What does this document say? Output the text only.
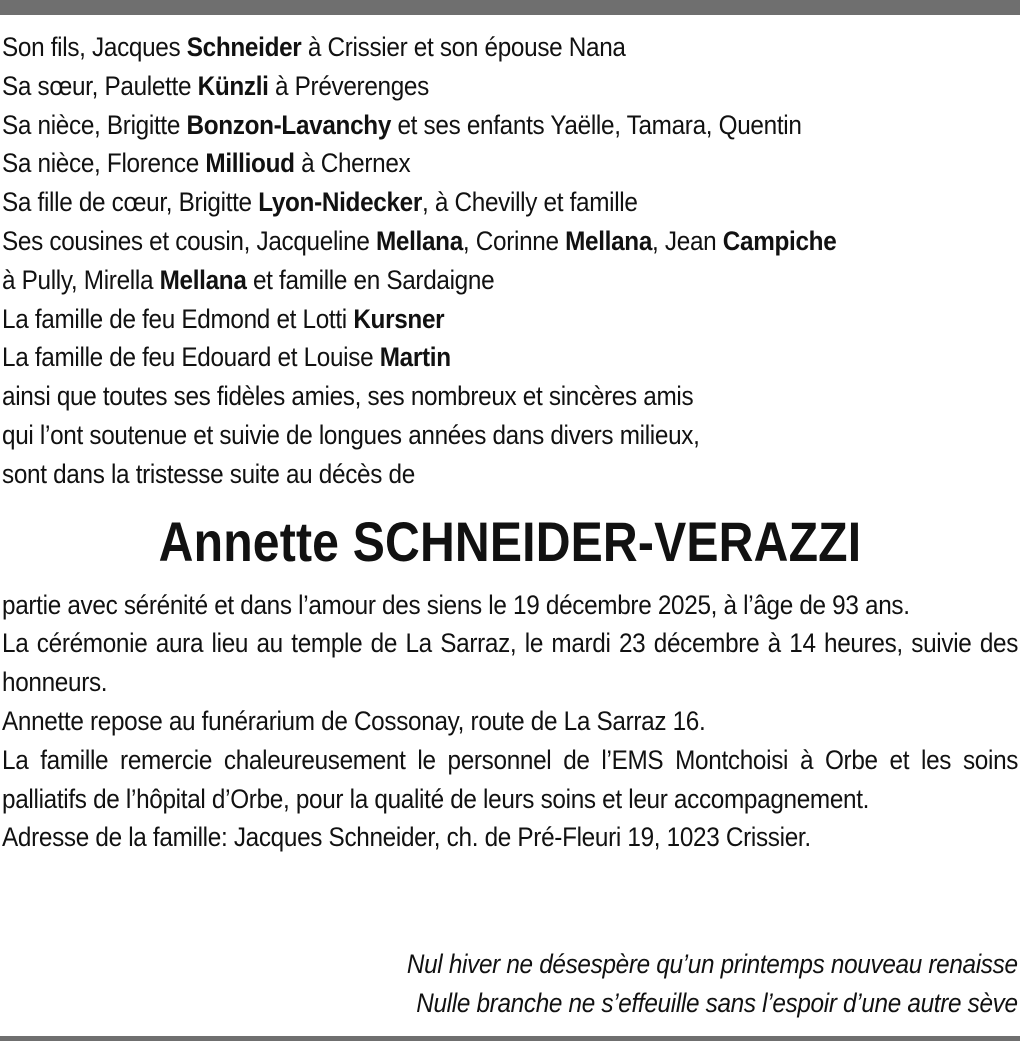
Son fils, Jacques Schneider à Crissier et son épouse Nana
Sa sœur, Paulette Künzli à Préverenges
Sa nièce, Brigitte Bonzon-Lavanchy et ses enfants Yaëlle, Tamara, Quentin
Sa nièce, Florence Millioud à Chernex
Sa fille de cœur, Brigitte Lyon-Nidecker, à Chevilly et famille
Ses cousines et cousin, Jacqueline Mellana, Corinne Mellana, Jean Campiche
à Pully, Mirella Mellana et famille en Sardaigne
La famille de feu Edmond et Lotti Kursner
La famille de feu Edouard et Louise Martin
ainsi que toutes ses fidèles amies, ses nombreux et sincères amis
qui l’ont soutenue et suivie de longues années dans divers milieux,
sont dans la tristesse suite au décès de
Annette SCHNEIDER-VERAZZI
partie avec sérénité et dans l’amour des siens le 19 décembre 2025, à l’âge de 93 ans.
La cérémonie aura lieu au temple de La Sarraz, le mardi 23 décembre à 14 heures, suivie des honneurs.
Annette repose au funérarium de Cossonay, route de La Sarraz 16.
La famille remercie chaleureusement le personnel de l’EMS Montchoisi à Orbe et les soins palliatifs de l’hôpital d’Orbe, pour la qualité de leurs soins et leur accompagnement.
Adresse de la famille: Jacques Schneider, ch. de Pré-Fleuri 19, 1023 Crissier.
Nul hiver ne désespère qu’un printemps nouveau renaisse
Nulle branche ne s’effeuille sans l’espoir d’une autre sève
